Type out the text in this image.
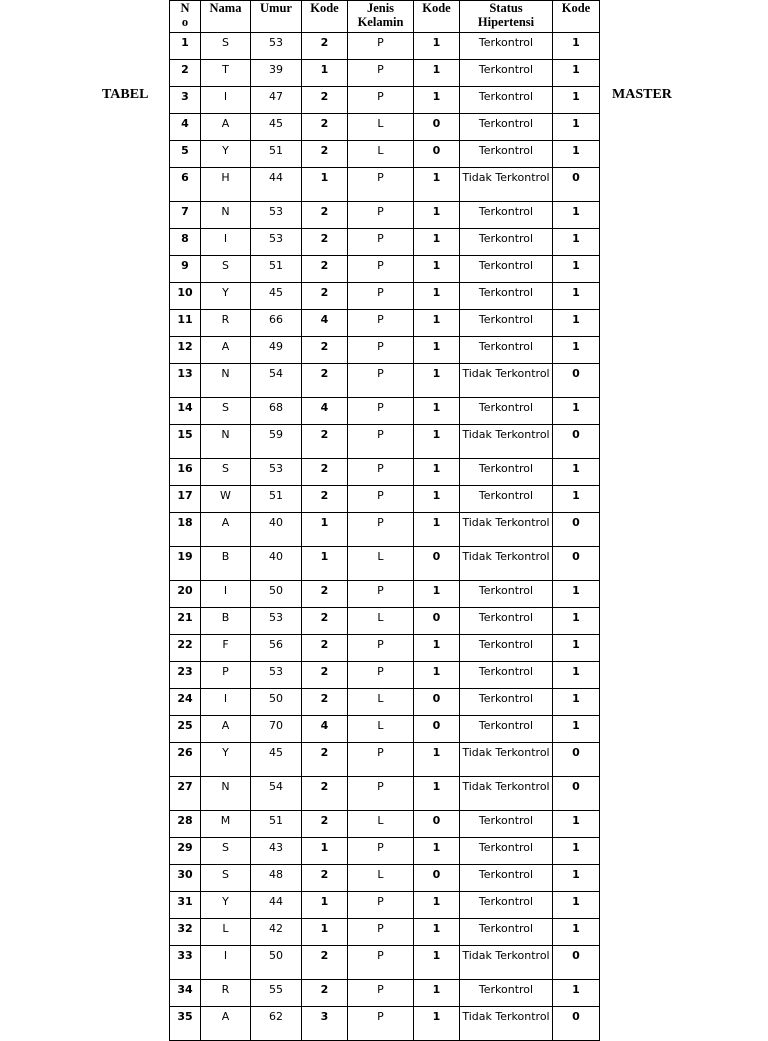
TABEL	MASTER
N
o	Nama	Umur	Kode	Jenis Kelamin	Kode	Status Hipertensi	Kode
1	S	53	2	P	1	Terkontrol	1
2	T	39	1	P	1	Terkontrol	1
3	I	47	2	P	1	Terkontrol	1
4	A	45	2	L	0	Terkontrol	1
5	Y	51	2	L	0	Terkontrol	1
6	H	44	1	P	1	Tidak Terkontrol	0
7	N	53	2	P	1	Terkontrol	1
8	I	53	2	P	1	Terkontrol	1
9	S	51	2	P	1	Terkontrol	1
10	Y	45	2	P	1	Terkontrol	1
11	R	66	4	P	1	Terkontrol	1
12	A	49	2	P	1	Terkontrol	1
13	N	54	2	P	1	Tidak Terkontrol	0
14	S	68	4	P	1	Terkontrol	1
15	N	59	2	P	1	Tidak Terkontrol	0
16	S	53	2	P	1	Terkontrol	1
17	W	51	2	P	1	Terkontrol	1
18	A	40	1	P	1	Tidak Terkontrol	0
19	B	40	1	L	0	Tidak Terkontrol	0
20	I	50	2	P	1	Terkontrol	1
21	B	53	2	L	0	Terkontrol	1
22	F	56	2	P	1	Terkontrol	1
23	P	53	2	P	1	Terkontrol	1
24	I	50	2	L	0	Terkontrol	1
25	A	70	4	L	0	Terkontrol	1
26	Y	45	2	P	1	Tidak Terkontrol	0
27	N	54	2	P	1	Tidak Terkontrol	0
28	M	51	2	L	0	Terkontrol	1
29	S	43	1	P	1	Terkontrol	1
30	S	48	2	L	0	Terkontrol	1
31	Y	44	1	P	1	Terkontrol	1
32	L	42	1	P	1	Terkontrol	1
33	I	50	2	P	1	Tidak Terkontrol	0
34	R	55	2	P	1	Terkontrol	1
35	A	62	3	P	1	Tidak Terkontrol	0
